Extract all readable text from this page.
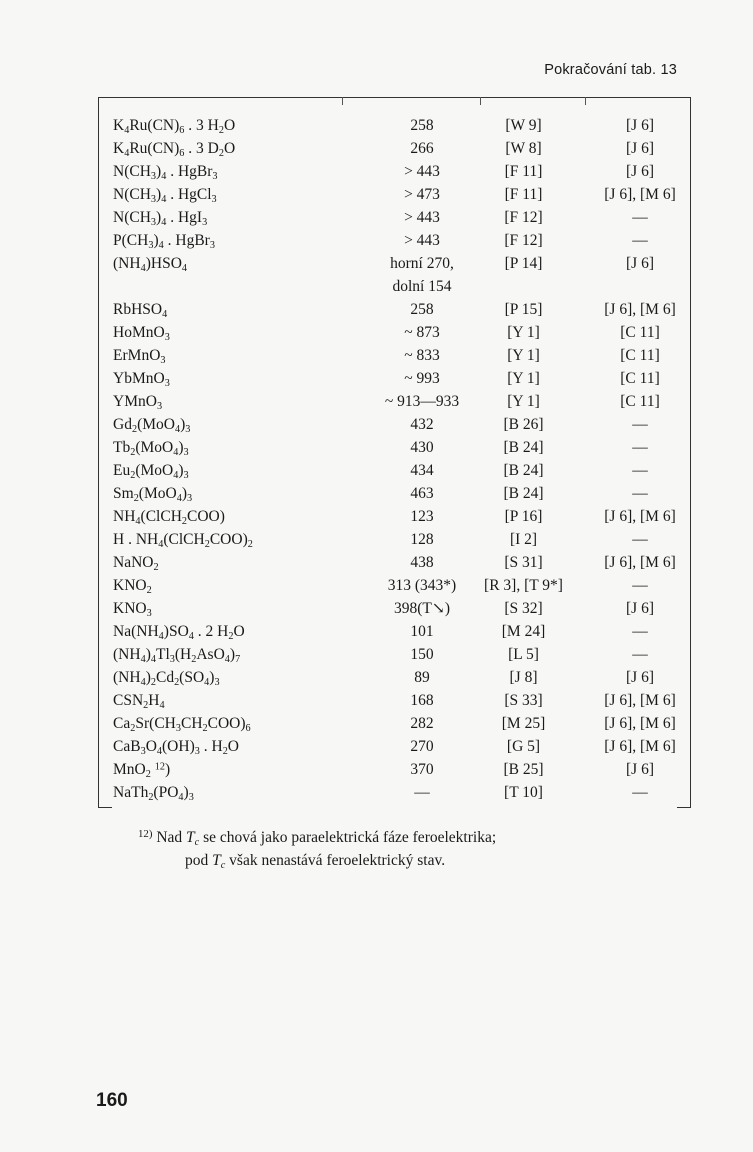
Pokračování tab. 13
$K_4Ru(CN)_6$ . 3 $H_2O$	258	[W 9]	[J 6]
$K_4Ru(CN)_6$ . 3 $D_2O$	266	[W 8]	[J 6]
$N(CH_3)_4$ . HgBr$_3$	> 443	[F 11]	[J 6]
$N(CH_3)_4$ . HgCl$_3$	> 473	[F 11]	[J 6], [M 6]
$N(CH_3)_4$ . HgI$_3$	> 443	[F 12]	—
$P(CH_3)_4$ . HgBr$_3$	> 443	[F 12]	—
$(NH_4)HSO_4$	horní 270,	[P 14]	[J 6]
dolní 154
RbHSO$_4$	258	[P 15]	[J 6], [M 6]
HoMnO$_3$	~ 873	[Y 1]	[C 11]
ErMnO$_3$	~ 833	[Y 1]	[C 11]
YbMnO$_3$	~ 993	[Y 1]	[C 11]
YMnO$_3$	~ 913—933	[Y 1]	[C 11]
$Gd_2(MoO_4)_3$	432	[B 26]	—
$Tb_2(MoO_4)_3$	430	[B 24]	—
$Eu_2(MoO_4)_3$	434	[B 24]	—
$Sm_2(MoO_4)_3$	463	[B 24]	—
$NH_4(ClCH_2COO)$	123	[P 16]	[J 6], [M 6]
H . $NH_4(ClCH_2COO)_2$	128	[I 2]	—
NaNO$_2$	438	[S 31]	[J 6], [M 6]
$KNO_2$	313 (343*)	[R 3], [T 9*]	—
$KNO_3$	398(T↘)	[S 32]	[J 6]
$Na(NH_4)SO_4$ . 2 $H_2O$	101	[M 24]	—
$(NH_4)_4Tl_3(H_2AsO_4)_7$	150	[L 5]	—
$(NH_4)_2Cd_2(SO_4)_3$	89	[J 8]	[J 6]
$CSN_2H_4$	168	[S 33]	[J 6], [M 6]
$Ca_2Sr(CH_3CH_2COO)_6$	282	[M 25]	[J 6], [M 6]
$CaB_3O_4(OH)_3$ . $H_2O$	270	[G 5]	[J 6], [M 6]
MnO$_2$ $^{12}$)	370	[B 25]	[J 6]
$NaTh_2(PO_4)_3$	—	[T 10]	—
$^{12)}$ Nad $T_c$ se chová jako paraelektrická fáze feroelektrika;
pod $T_c$ však nenastává feroelektrický stav.
160
